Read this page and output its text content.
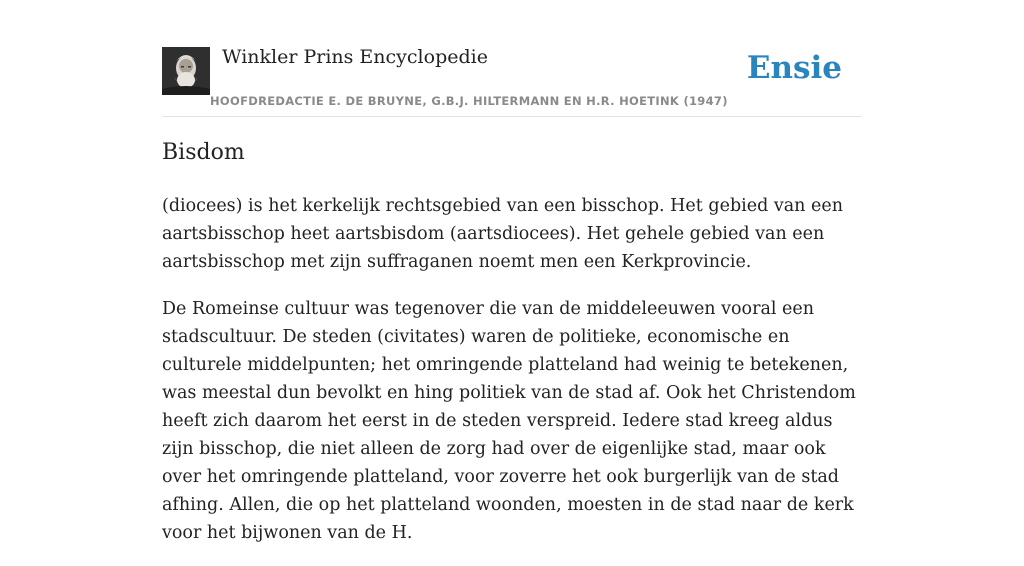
Winkler Prins Encyclopedie
HOOFDREDACTIE E. DE BRUYNE, G.B.J. HILTERMANN EN H.R. HOETINK (1947)
Ensie
Bisdom

(diocees) is het kerkelijk rechtsgebied van een bisschop. Het gebied van een aartsbisschop heet aartsbisdom (aartsdiocees). Het gehele gebied van een aartsbisschop met zijn suffraganen noemt men een Kerkprovincie.

De Romeinse cultuur was tegenover die van de middeleeuwen vooral een stadscultuur. De steden (civitates) waren de politieke, economische en culturele middelpunten; het omringende platteland had weinig te betekenen, was meestal dun bevolkt en hing politiek van de stad af. Ook het Christendom heeft zich daarom het eerst in de steden verspreid. Iedere stad kreeg aldus zijn bisschop, die niet alleen de zorg had over de eigenlijke stad, maar ook over het omringende platteland, voor zoverre het ook burgerlijk van de stad afhing. Allen, die op het platteland woonden, moesten in de stad naar de kerk voor het bijwonen van de H.
